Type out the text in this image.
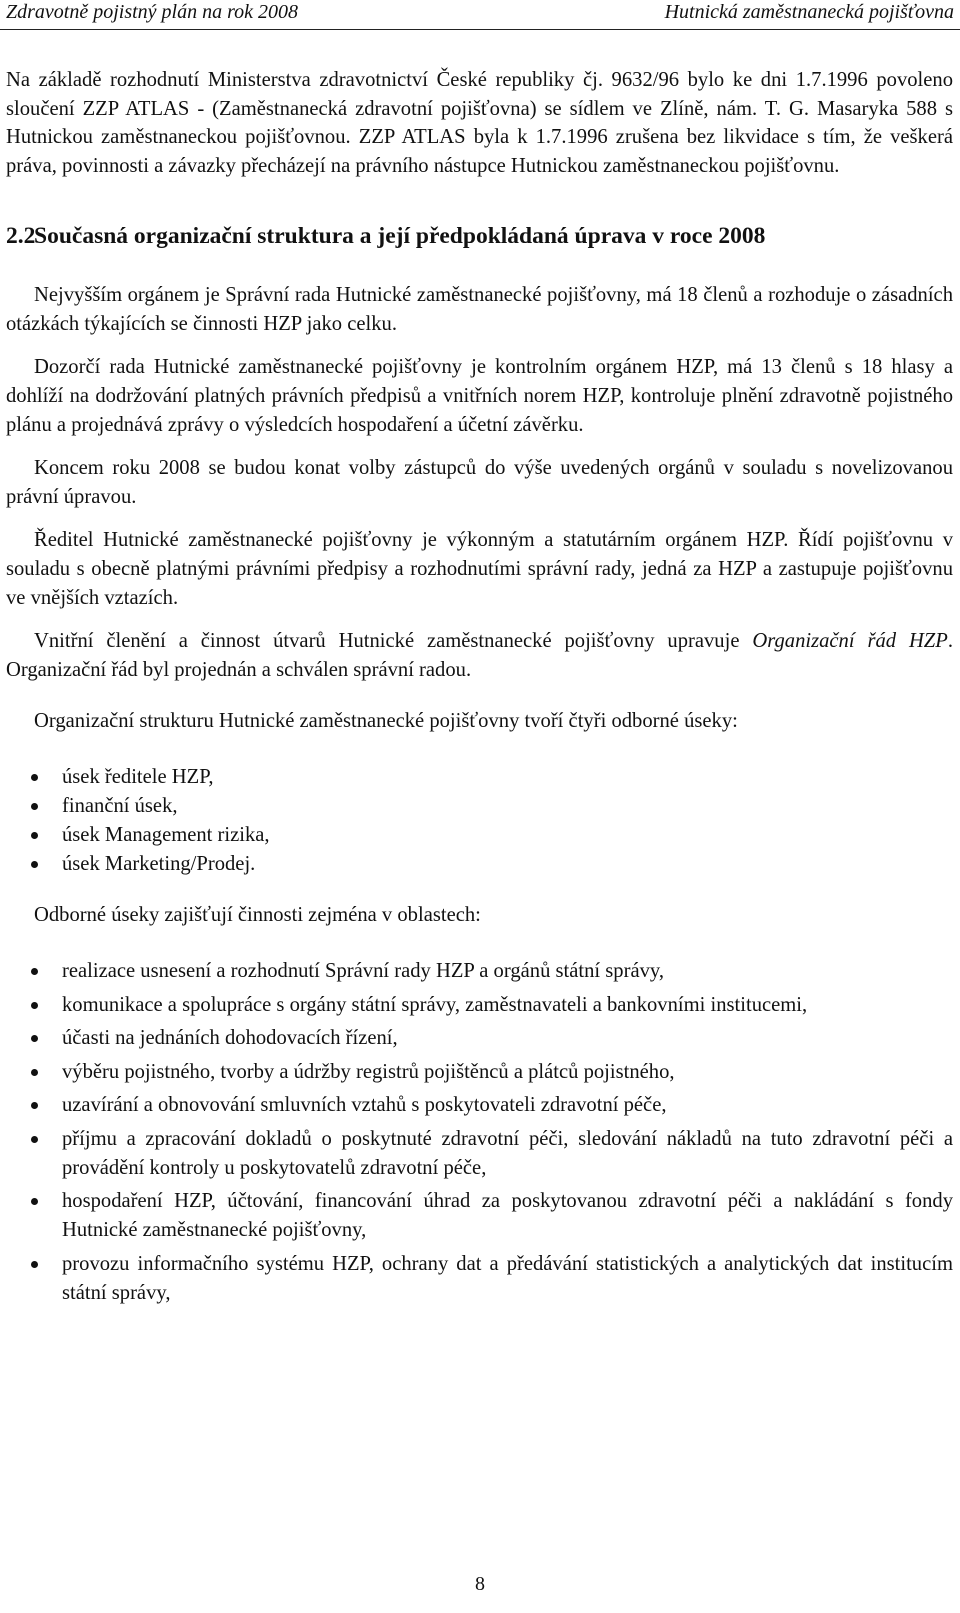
Zdravotně pojistný plán na rok 2008	Hutnická zaměstnanecká pojišťovna

Na základě rozhodnutí Ministerstva zdravotnictví České republiky čj. 9632/96 bylo ke dni 1.7.1996 povoleno sloučení ZZP ATLAS - (Zaměstnanecká zdravotní pojišťovna) se sídlem ve Zlíně, nám. T. G. Masaryka 588 s Hutnickou zaměstnaneckou pojišťovnou. ZZP ATLAS byla k 1.7.1996 zrušena bez likvidace s tím, že veškerá práva, povinnosti a závazky přecházejí na právního nástupce Hutnickou zaměstnaneckou pojišťovnu.

2.2
Současná organizační struktura a její předpokládaná úprava v roce 2008

Nejvyšším orgánem je Správní rada Hutnické zaměstnanecké pojišťovny, má 18 členů a rozhoduje o zásadních otázkách týkajících se činnosti HZP jako celku.

Dozorčí rada Hutnické zaměstnanecké pojišťovny je kontrolním orgánem HZP, má 13 členů s 18 hlasy a dohlíží na dodržování platných právních předpisů a vnitřních norem HZP, kontroluje plnění zdravotně pojistného plánu a projednává zprávy o výsledcích hospodaření a účetní závěrku.

Koncem roku 2008 se budou konat volby zástupců do výše uvedených orgánů v souladu s novelizovanou právní úpravou.

Ředitel Hutnické zaměstnanecké pojišťovny je výkonným a statutárním orgánem HZP. Řídí pojišťovnu v souladu s obecně platnými právními předpisy a rozhodnutími správní rady, jedná za HZP a zastupuje pojišťovnu ve vnějších vztazích.

Vnitřní členění a činnost útvarů Hutnické zaměstnanecké pojišťovny upravuje Organizační řád HZP. Organizační řád byl projednán a schválen správní radou.

Organizační strukturu Hutnické zaměstnanecké pojišťovny tvoří čtyři odborné úseky:

úsek ředitele HZP,
finanční úsek,
úsek Management rizika,
úsek Marketing/Prodej.

Odborné úseky zajišťují činnosti zejména v oblastech:

realizace usnesení a rozhodnutí Správní rady HZP a orgánů státní správy,
komunikace a spolupráce s orgány státní správy, zaměstnavateli a bankovními institucemi,
účasti na jednáních dohodovacích řízení,
výběru pojistného, tvorby a údržby registrů pojištěnců a plátců pojistného,
uzavírání a obnovování smluvních vztahů s poskytovateli zdravotní péče,
příjmu a zpracování dokladů o poskytnuté zdravotní péči, sledování nákladů na tuto zdravotní péči a provádění kontroly u poskytovatelů zdravotní péče,
hospodaření HZP, účtování, financování úhrad za poskytovanou zdravotní péči a nakládání s fondy Hutnické zaměstnanecké pojišťovny,
provozu informačního systému HZP, ochrany dat a předávání statistických a analytických dat institucím státní správy,
8
